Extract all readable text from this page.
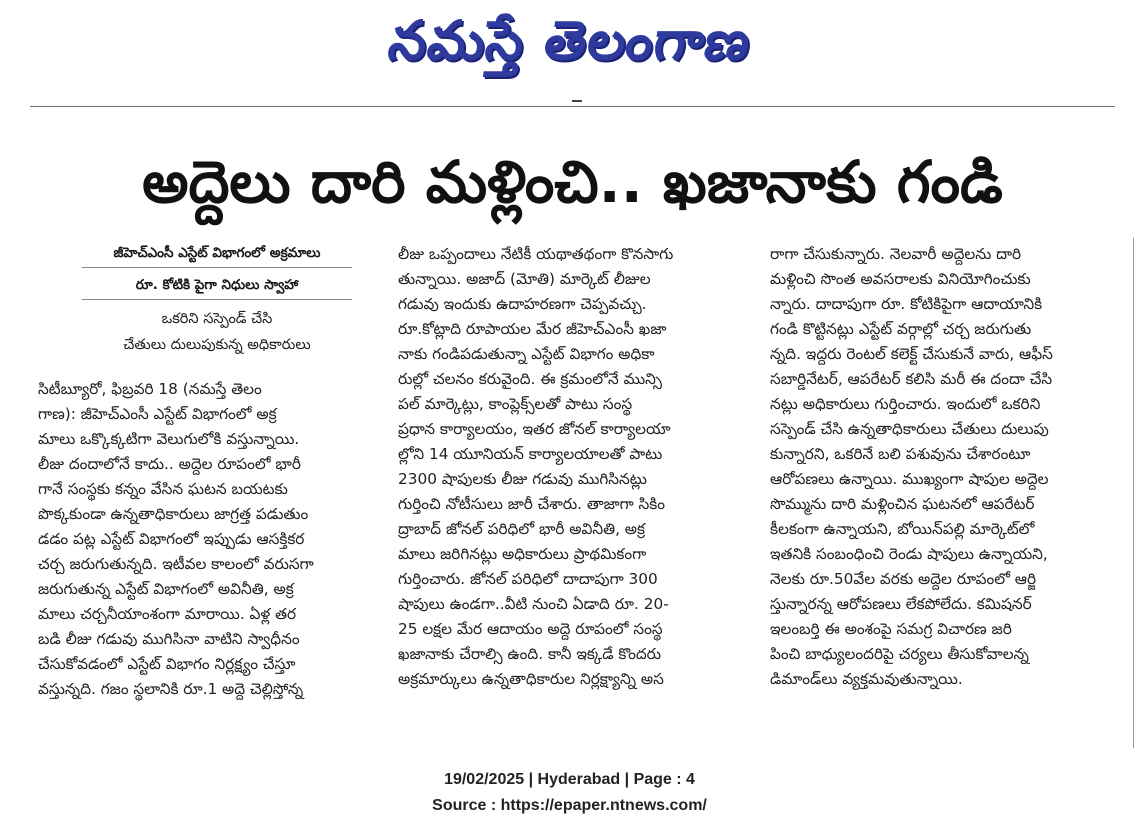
నమస్తే తెలంగాణ
అద్దెలు దారి మళ్లించి.. ఖజానాకు గండి
జీహెచ్‌ఎంసీ ఎస్టేట్ విభాగంలో అక్రమాలు
రూ. కోటికి పైగా నిధులు స్వాహా
ఒకరిని సస్పెండ్ చేసి
చేతులు దులుపుకున్న అధికారులు

సిటీబ్యూరో, ఫిబ్రవరి 18 (నమస్తే తెలం

గాణ): జీహెచ్‌ఎంసీ ఎస్టేట్ విభాగంలో అక్ర

మాలు ఒక్కొక్కటిగా వెలుగులోకి వస్తున్నాయి.

లీజు దందాలోనే కాదు.. అద్దెల రూపంలో భారీ

గానే సంస్థకు కన్నం వేసిన ఘటన బయటకు

పొక్కకుండా ఉన్నతాధికారులు జాగ్రత్త పడుతుం

డడం పట్ల ఎస్టేట్ విభాగంలో ఇప్పుడు ఆసక్తికర

చర్చ జరుగుతున్నది. ఇటీవల కాలంలో వరుసగా

జరుగుతున్న ఎస్టేట్ విభాగంలో అవినీతి, అక్ర

మాలు చర్చనీయాంశంగా మారాయి. ఏళ్ల తర

బడి లీజు గడువు ముగిసినా వాటిని స్వాధీనం

చేసుకోవడంలో ఎస్టేట్ విభాగం నిర్లక్ష్యం చేస్తూ

వస్తున్నది. గజం స్థలానికి రూ.1 అద్దె చెల్లిస్తోన్న

లీజు ఒప్పందాలు నేటికీ యథాతథంగా కొనసాగు

తున్నాయి. అజాద్ (మోతి) మార్కెట్ లీజుల

గడువు ఇందుకు ఉదాహరణగా చెప్పవచ్చు.

రూ.కోట్లాది రూపాయల మేర జీహెచ్‌ఎంసీ ఖజా

నాకు గండిపడుతున్నా ఎస్టేట్ విభాగం అధికా

రుల్లో చలనం కరువైంది. ఈ క్రమంలోనే మున్సి

పల్ మార్కెట్లు, కాంప్లెక్స్‌లతో పాటు సంస్థ

ప్రధాన కార్యాలయం, ఇతర జోనల్ కార్యాలయా

ల్లోని 14 యూనియన్ కార్యాలయాలతో పాటు

2300 షాపులకు లీజు గడువు ముగిసినట్లు

గుర్తించి నోటీసులు జారీ చేశారు. తాజాగా సికిం

ద్రాబాద్ జోనల్ పరిధిలో భారీ అవినీతి, అక్ర

మాలు జరిగినట్లు అధికారులు ప్రాథమికంగా

గుర్తించారు. జోనల్ పరిధిలో దాదాపుగా 300

షాపులు ఉండగా..వీటి నుంచి ఏడాది రూ. 20-

25 లక్షల మేర ఆదాయం అద్దె రూపంలో సంస్థ

ఖజానాకు చేరాల్సి ఉంది. కానీ ఇక్కడే కొందరు

అక్రమార్కులు ఉన్నతాధికారుల నిర్లక్ష్యాన్ని అస

రాగా చేసుకున్నారు. నెలవారీ అద్దెలను దారి

మళ్లించి సొంత అవసరాలకు వినియోగించుకు

న్నారు. దాదాపుగా రూ. కోటికిపైగా ఆదాయానికి

గండి కొట్టినట్లు ఎస్టేట్ వర్గాల్లో చర్చ జరుగుతు

న్నది. ఇద్దరు రెంటల్ కలెక్ట్ చేసుకునే వారు, ఆఫీస్

సబార్డినేటర్, ఆపరేటర్ కలిసి మరీ ఈ దందా చేసి

నట్లు అధికారులు గుర్తించారు. ఇందులో ఒకరిని

సస్పెండ్ చేసి ఉన్నతాధికారులు చేతులు దులుపు

కున్నారని, ఒకరినే బలి పశువును చేశారంటూ

ఆరోపణలు ఉన్నాయి. ముఖ్యంగా షాపుల అద్దెల

సొమ్మును దారి మళ్లించిన ఘటనలో ఆపరేటర్

కీలకంగా ఉన్నాయని, బోయిన్‌పల్లి మార్కెట్‌లో

ఇతనికి సంబంధించి రెండు షాపులు ఉన్నాయని,

నెలకు రూ.50వేల వరకు అద్దెల రూపంలో ఆర్జి

స్తున్నారన్న ఆరోపణలు లేకపోలేదు. కమిషనర్

ఇలంబర్తి ఈ అంశంపై సమగ్ర విచారణ జరి

పించి బాధ్యులందరిపై చర్యలు తీసుకోవాలన్న

డిమాండ్‌లు వ్యక్తమవుతున్నాయి.

19/02/2025 | Hyderabad | Page : 4
Source : https://epaper.ntnews.com/
